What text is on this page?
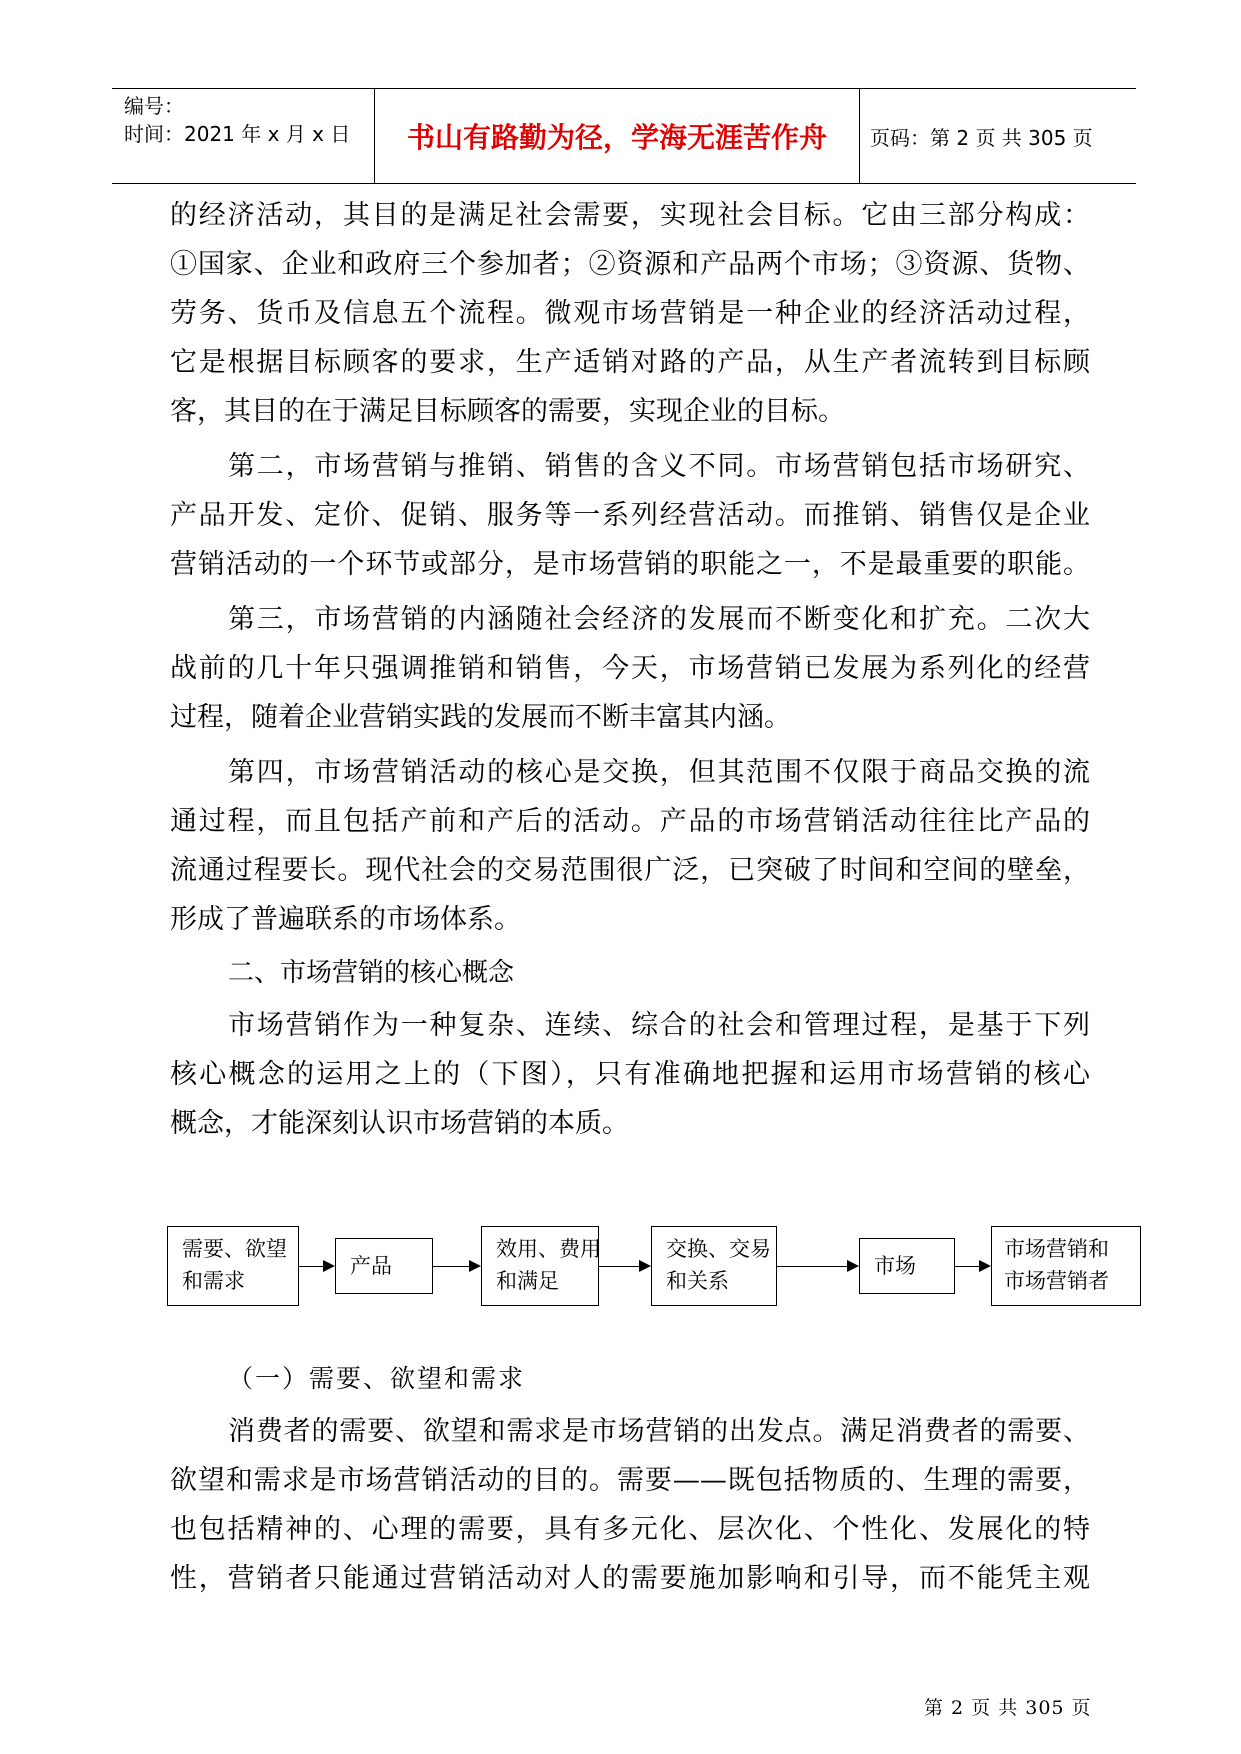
编号：
时间：2021 年 x 月 x 日	书山有路勤为径，学海无涯苦作舟	页码：第 2 页 共 305 页
的经济活动，其目的是满足社会需要，实现社会目标。它由三部分构成：
①国家、企业和政府三个参加者；②资源和产品两个市场；③资源、货物、
劳务、货币及信息五个流程。微观市场营销是一种企业的经济活动过程，
它是根据目标顾客的要求，生产适销对路的产品，从生产者流转到目标顾
客，其目的在于满足目标顾客的需要，实现企业的目标。
第二，市场营销与推销、销售的含义不同。市场营销包括市场研究、
产品开发、定价、促销、服务等一系列经营活动。而推销、销售仅是企业
营销活动的一个环节或部分，是市场营销的职能之一，不是最重要的职能。
第三，市场营销的内涵随社会经济的发展而不断变化和扩充。二次大
战前的几十年只强调推销和销售，今天，市场营销已发展为系列化的经营
过程，随着企业营销实践的发展而不断丰富其内涵。
第四，市场营销活动的核心是交换，但其范围不仅限于商品交换的流
通过程，而且包括产前和产后的活动。产品的市场营销活动往往比产品的
流通过程要长。现代社会的交易范围很广泛，已突破了时间和空间的壁垒，
形成了普遍联系的市场体系。
二、市场营销的核心概念
市场营销作为一种复杂、连续、综合的社会和管理过程，是基于下列
核心概念的运用之上的（下图），只有准确地把握和运用市场营销的核心
概念，才能深刻认识市场营销的本质。
需要、欲望
和需求
产品
效用、费用
和满足
交换、交易
和关系
市场
市场营销和
市场营销者
（一）需要、欲望和需求
消费者的需要、欲望和需求是市场营销的出发点。满足消费者的需要、
欲望和需求是市场营销活动的目的。需要——既包括物质的、生理的需要，
也包括精神的、心理的需要，具有多元化、层次化、个性化、发展化的特
性，营销者只能通过营销活动对人的需要施加影响和引导，而不能凭主观
第 2 页 共 305 页
